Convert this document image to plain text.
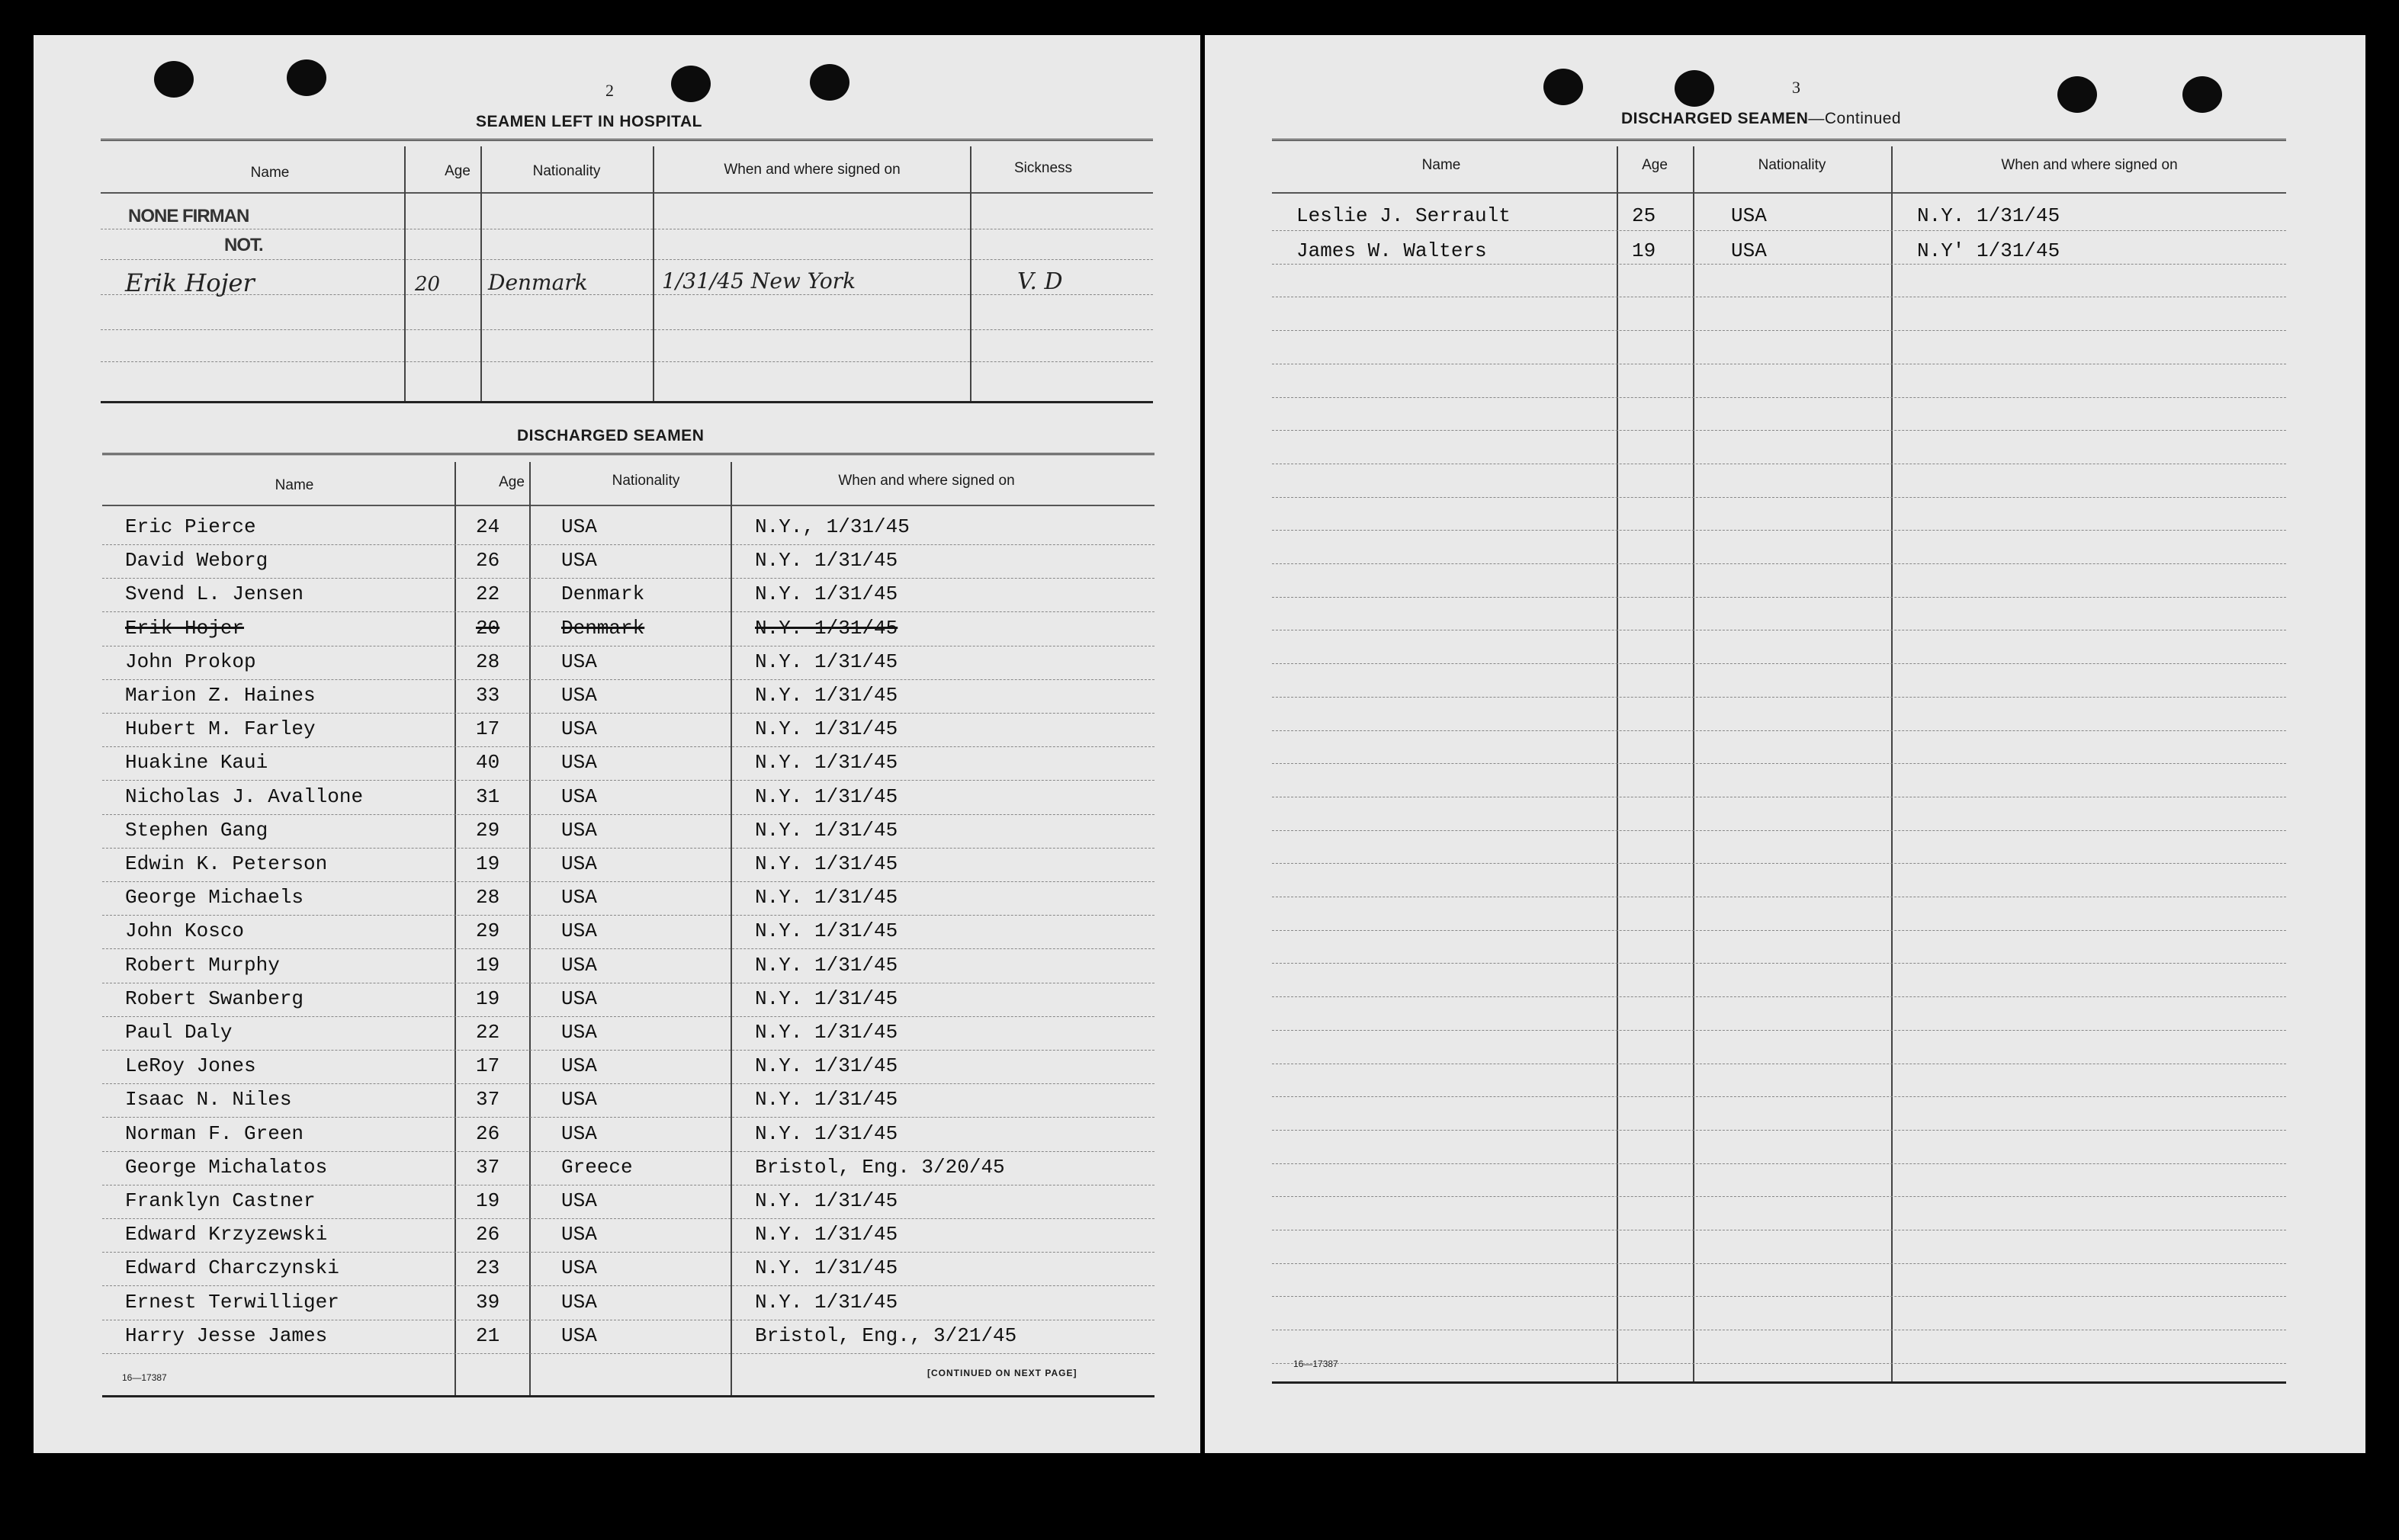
2
SEAMEN LEFT IN HOSPITAL
Name	Age	Nationality	When and where signed on	Sickness
NONE FIRMAN
NOT.
Erik Hojer	20 Denmark	1/31/45 New York	V. D
DISCHARGED SEAMEN
Name	Age	Nationality	When and where signed on
Eric Pierce	24	USA	N.Y., 1/31/45
David Weborg	26	USA	N.Y. 1/31/45
Svend L. Jensen	22	Denmark	N.Y. 1/31/45
Erik Hojer	20	Denmark	N.Y. 1/31/45
John Prokop	28	USA	N.Y. 1/31/45
Marion Z. Haines	33	USA	N.Y. 1/31/45
Hubert M. Farley	17	USA	N.Y. 1/31/45
Huakine Kaui	40	USA	N.Y. 1/31/45
Nicholas J. Avallone	31	USA	N.Y. 1/31/45
Stephen Gang	29	USA	N.Y. 1/31/45
Edwin K. Peterson	19	USA	N.Y. 1/31/45
George Michaels	28	USA	N.Y. 1/31/45
John Kosco	29	USA	N.Y. 1/31/45
Robert Murphy	19	USA	N.Y. 1/31/45
Robert Swanberg	19	USA	N.Y. 1/31/45
Paul Daly	22	USA	N.Y. 1/31/45
LeRoy Jones	17	USA	N.Y. 1/31/45
Isaac N. Niles	37	USA	N.Y. 1/31/45
Norman F. Green	26	USA	N.Y. 1/31/45
George Michalatos	37	Greece	Bristol, Eng. 3/20/45
Franklyn Castner	19	USA	N.Y. 1/31/45
Edward Krzyzewski	26	USA	N.Y. 1/31/45
Edward Charczynski	23	USA	N.Y. 1/31/45
Ernest Terwilliger	39	USA	N.Y. 1/31/45
Harry Jesse James	21	USA	Bristol, Eng., 3/21/45
16—17387	[CONTINUED ON NEXT PAGE]
3
DISCHARGED SEAMEN—Continued
Name	Age	Nationality	When and where signed on
Leslie J. Serrault	25	USA	N.Y. 1/31/45
James W. Walters	19	USA	N.Y' 1/31/45
16—17387
